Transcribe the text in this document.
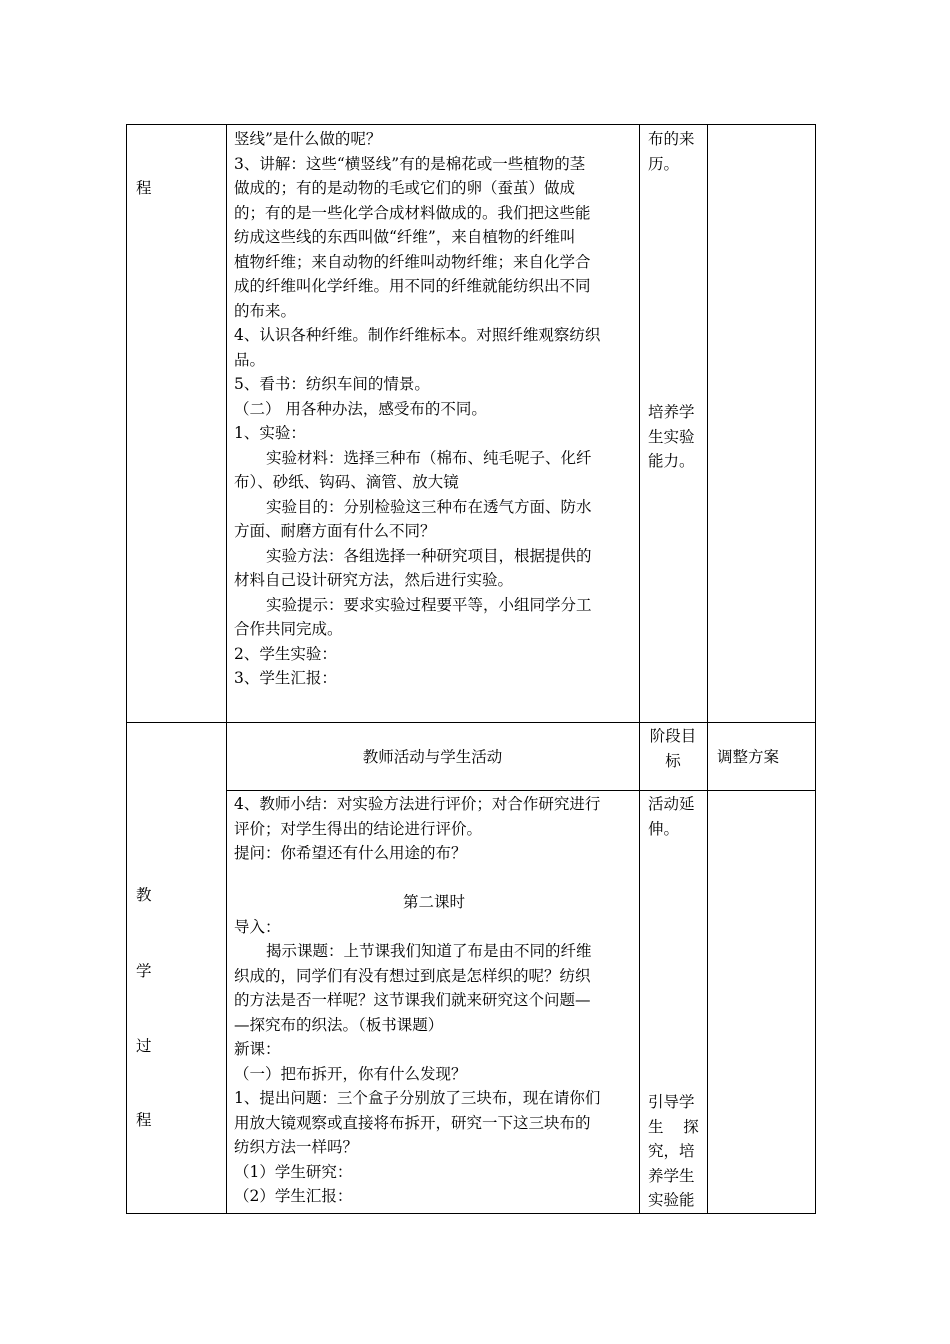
程
竖线”是什么做的呢？
3、讲解：这些“横竖线”有的是棉花或一些植物的茎
做成的；有的是动物的毛或它们的卵（蚕茧）做成
的；有的是一些化学合成材料做成的。我们把这些能
纺成这些线的东西叫做“纤维”，来自植物的纤维叫
植物纤维；来自动物的纤维叫动物纤维；来自化学合
成的纤维叫化学纤维。用不同的纤维就能纺织出不同
的布来。
4、认识各种纤维。制作纤维标本。对照纤维观察纺织
品。
5、看书：纺织车间的情景。
（二） 用各种办法，感受布的不同。
1、实验：
实验材料：选择三种布（棉布、纯毛呢子、化纤
布）、砂纸、钩码、滴管、放大镜
实验目的：分别检验这三种布在透气方面、防水
方面、耐磨方面有什么不同？
实验方法：各组选择一种研究项目，根据提供的
材料自己设计研究方法，然后进行实验。
实验提示：要求实验过程要平等，小组同学分工
合作共同完成。
2、学生实验：
3、学生汇报：
布的来
历。
培养学
生实验
能力。
教师活动与学生活动
阶段目
标	调整方案
教
学
过
程
4、教师小结：对实验方法进行评价；对合作研究进行
评价；对学生得出的结论进行评价。
提问：你希望还有什么用途的布？
第二课时
导入：
揭示课题：上节课我们知道了布是由不同的纤维
织成的，同学们有没有想过到底是怎样织的呢？纺织
的方法是否一样呢？这节课我们就来研究这个问题—
—探究布的织法。（板书课题）
新课：
（一）把布拆开，你有什么发现？
1、提出问题：三个盒子分别放了三块布，现在请你们
用放大镜观察或直接将布拆开，研究一下这三块布的
纺织方法一样吗？
（1）学生研究：
（2）学生汇报：
活动延
伸。
引导学
生    探
究，培
养学生
实验能
